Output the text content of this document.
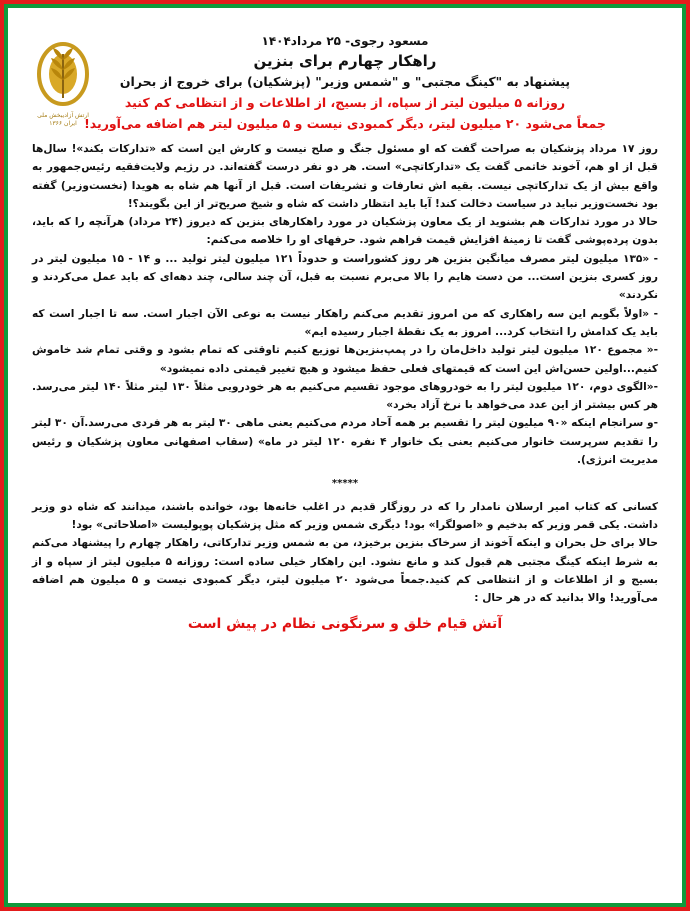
ارتش آزادیبخش ملی ایران ۱۳۶۶
مسعود رجوی- ۲۵ مرداد۱۴۰۴
راهکار چهارم برای بنزین
پیشنهاد به "کینگ مجتبی" و "شمس وزیر" (پزشکیان) برای خروج از بحران
روزانه ۵ میلیون لیتر از سپاه، از بسیج، از اطلاعات و از انتظامی کم کنید
جمعاً می‌شود ۲۰ میلیون لیتر، دیگر کمبودی نیست و ۵ میلیون لیتر هم اضافه می‌آورید!

روز ۱۷ مرداد پزشکیان به صراحت گفت که او مسئول جنگ و صلح نیست و کارش این است که «تدارکات بکند»! سال‌ها قبل از او هم، آخوند خاتمی گفت یک «تدارکاتچی» است. هر دو نفر درست گفته‌اند. در رژیم ولایت‌فقیه رئیس‌جمهور به واقع بیش از یک تدارکاتچی نیست. بقیه اش تعارفات و تشریفات است. قبل از آنها هم شاه به هویدا (نخست‌وزیر) گفته بود نخست‌وزیر نباید در سیاست دخالت کند! آیا باید انتظار داشت که شاه و شیخ صریح‌تر از این بگویند؟!

حالا در مورد تدارکات هم بشنوید از یک معاون پزشکیان در مورد راهکارهای بنزین که دیروز (۲۴ مرداد) هرآنچه را که باید، بدون پرده‌پوشی گفت تا زمینهٔ افزایش قیمت فراهم شود. حرفهای او را خلاصه می‌کنم:

- «۱۳۵ میلیون لیتر مصرف میانگین بنزین هر روز کشوراست و حدوداً ۱۲۱ میلیون لیتر تولید ... و ۱۴ - ۱۵ میلیون لیتر در روز کسری بنزین است... من دست هایم را بالا می‌برم نسبت به قبل، آن چند سالی، چند دهه‌ای که باید عمل می‌کردند و نکردند»

- «اولاً بگویم این سه راهکاری که من امروز تقدیم می‌کنم راهکار نیست به نوعی الآن اجبار است. سه تا اجبار است که باید یک کدامش را انتخاب کرد... امروز به یک نقطهٔ اجبار رسیده ایم»

-« مجموع ۱۲۰ میلیون لیتر تولید داخل‌مان را در پمپ‌بنزین‌ها توزیع کنیم تاوقتی که تمام بشود و وقتی تمام شد خاموش کنیم...اولین حسن‌اش این است که قیمتهای فعلی حفظ میشود و هیچ تغییر قیمتی داده نمیشود»

-«الگوی دوم، ۱۲۰ میلیون لیتر را به خودروهای موجود تقسیم می‌کنیم به هر خودرویی مثلاً ۱۳۰ لیتر مثلاً ۱۴۰ لیتر می‌رسد. هر کس بیشتر از این عدد می‌خواهد با نرخ آزاد بخرد»

-و سرانجام اینکه «۹۰ میلیون لیتر را تقسیم بر همه آحاد مردم می‌کنیم یعنی ماهی ۳۰ لیتر به هر فردی می‌رسد.آن ۳۰ لیتر را تقدیم سرپرست خانوار می‌کنیم یعنی یک خانوار ۴ نفره ۱۲۰ لیتر در ماه» (سقاب اصفهانی معاون پزشکیان و رئیس مدیریت انرژی).

*****

کسانی که کتاب امیر ارسلان نامدار را که در روزگار قدیم در اغلب خانه‌ها بود، خوانده باشند، میدانند که شاه دو وزیر داشت. یکی قمر وزیر که بدخیم و «اصولگرا» بود! دیگری شمس وزیر که مثل پزشکیان پوپولیست «اصلاحاتی» بود!

حالا برای حل بحران و اینکه آخوند از سرخاک بنزین برخیزد، من به شمس وزیر تدارکاتی، راهکار چهارم را پیشنهاد می‌کنم به شرط اینکه کینگ مجتبی هم قبول کند و مانع نشود. این راهکار خیلی ساده است: روزانه ۵ میلیون لیتر از سپاه و از بسیج و از اطلاعات و از انتظامی کم کنید.جمعاً می‌شود ۲۰ میلیون لیتر، دیگر کمبودی نیست و ۵ میلیون هم اضافه می‌آورید! والا بدانید که در هر حال :

آتش قیام خلق و سرنگونی نظام در پیش است
